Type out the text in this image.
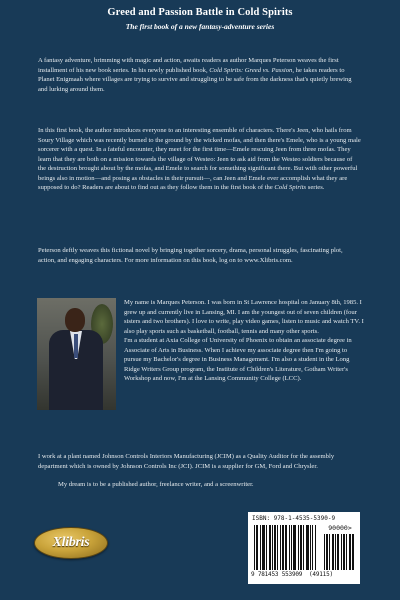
Greed and Passion Battle in Cold Spirits
The first book of a new fantasy-adventure series

A fantasy adventure, brimming with magic and action, awaits readers as author Marques Peterson weaves the first installment of his new book series. In his newly published book, Cold Spirits: Greed vs. Passion, he takes readers to Planet Enigmaah where villages are trying to survive and struggling to be safe from the darkness that's quietly brewing and lurking around them.

In this first book, the author introduces everyone to an interesting ensemble of characters. There's Jeen, who hails from Soury Village which was recently burned to the ground by the wicked mofas, and then there's Emele, who is a young male sorcerer with a quest. In a fateful encounter, they meet for the first time—Emele rescuing Jeen from three mofas. They learn that they are both on a mission towards the village of Westeo: Jeen to ask aid from the Westeo soldiers because of the destruction brought about by the mofas, and Emele to search for something significant there. But with other powerful beings also in motion—and posing as obstacles in their pursuit—, can Jeen and Emele ever accomplish what they are supposed to do? Readers are about to find out as they follow them in the first book of the Cold Spirits series.

Peterson deftly weaves this fictional novel by bringing together sorcery, drama, personal struggles, fascinating plot, action, and engaging characters. For more information on this book, log on to www.Xlibris.com.

My name is Marques Peterson. I was born in St Lawrence hospital on January 8th, 1985. I grew up and currently live in Lansing, MI. I am the youngest out of seven children (four sisters and two brothers). I love to write, play video games, listen to music and watch TV. I also play sports such as basketball, football, tennis and many other sports.
I'm a student at Axia College of University of Phoenix to obtain an associate degree in Associate of Arts in Business. When I achieve my associate degree then I'm going to pursue my Bachelor's degree in Business Management. I'm also a student in the Long Ridge Writers Group program, the Institute of Children's Literature, Gotham Writer's Workshop and now, I'm at the Lansing Community College (LCC).

I work at a plant named Johnson Controls Interiors Manufacturing (JCIM) as a Quality Auditor for the assembly department which is owned by Johnson Controls Inc (JCI). JCIM is a supplier for GM, Ford and Chrysler.

My dream is to be a published author, freelance writer, and a screenwriter.

Xlibris
ISBN: 978-1-4535-5390-9
90000>
9 781453 553909 (49115)
